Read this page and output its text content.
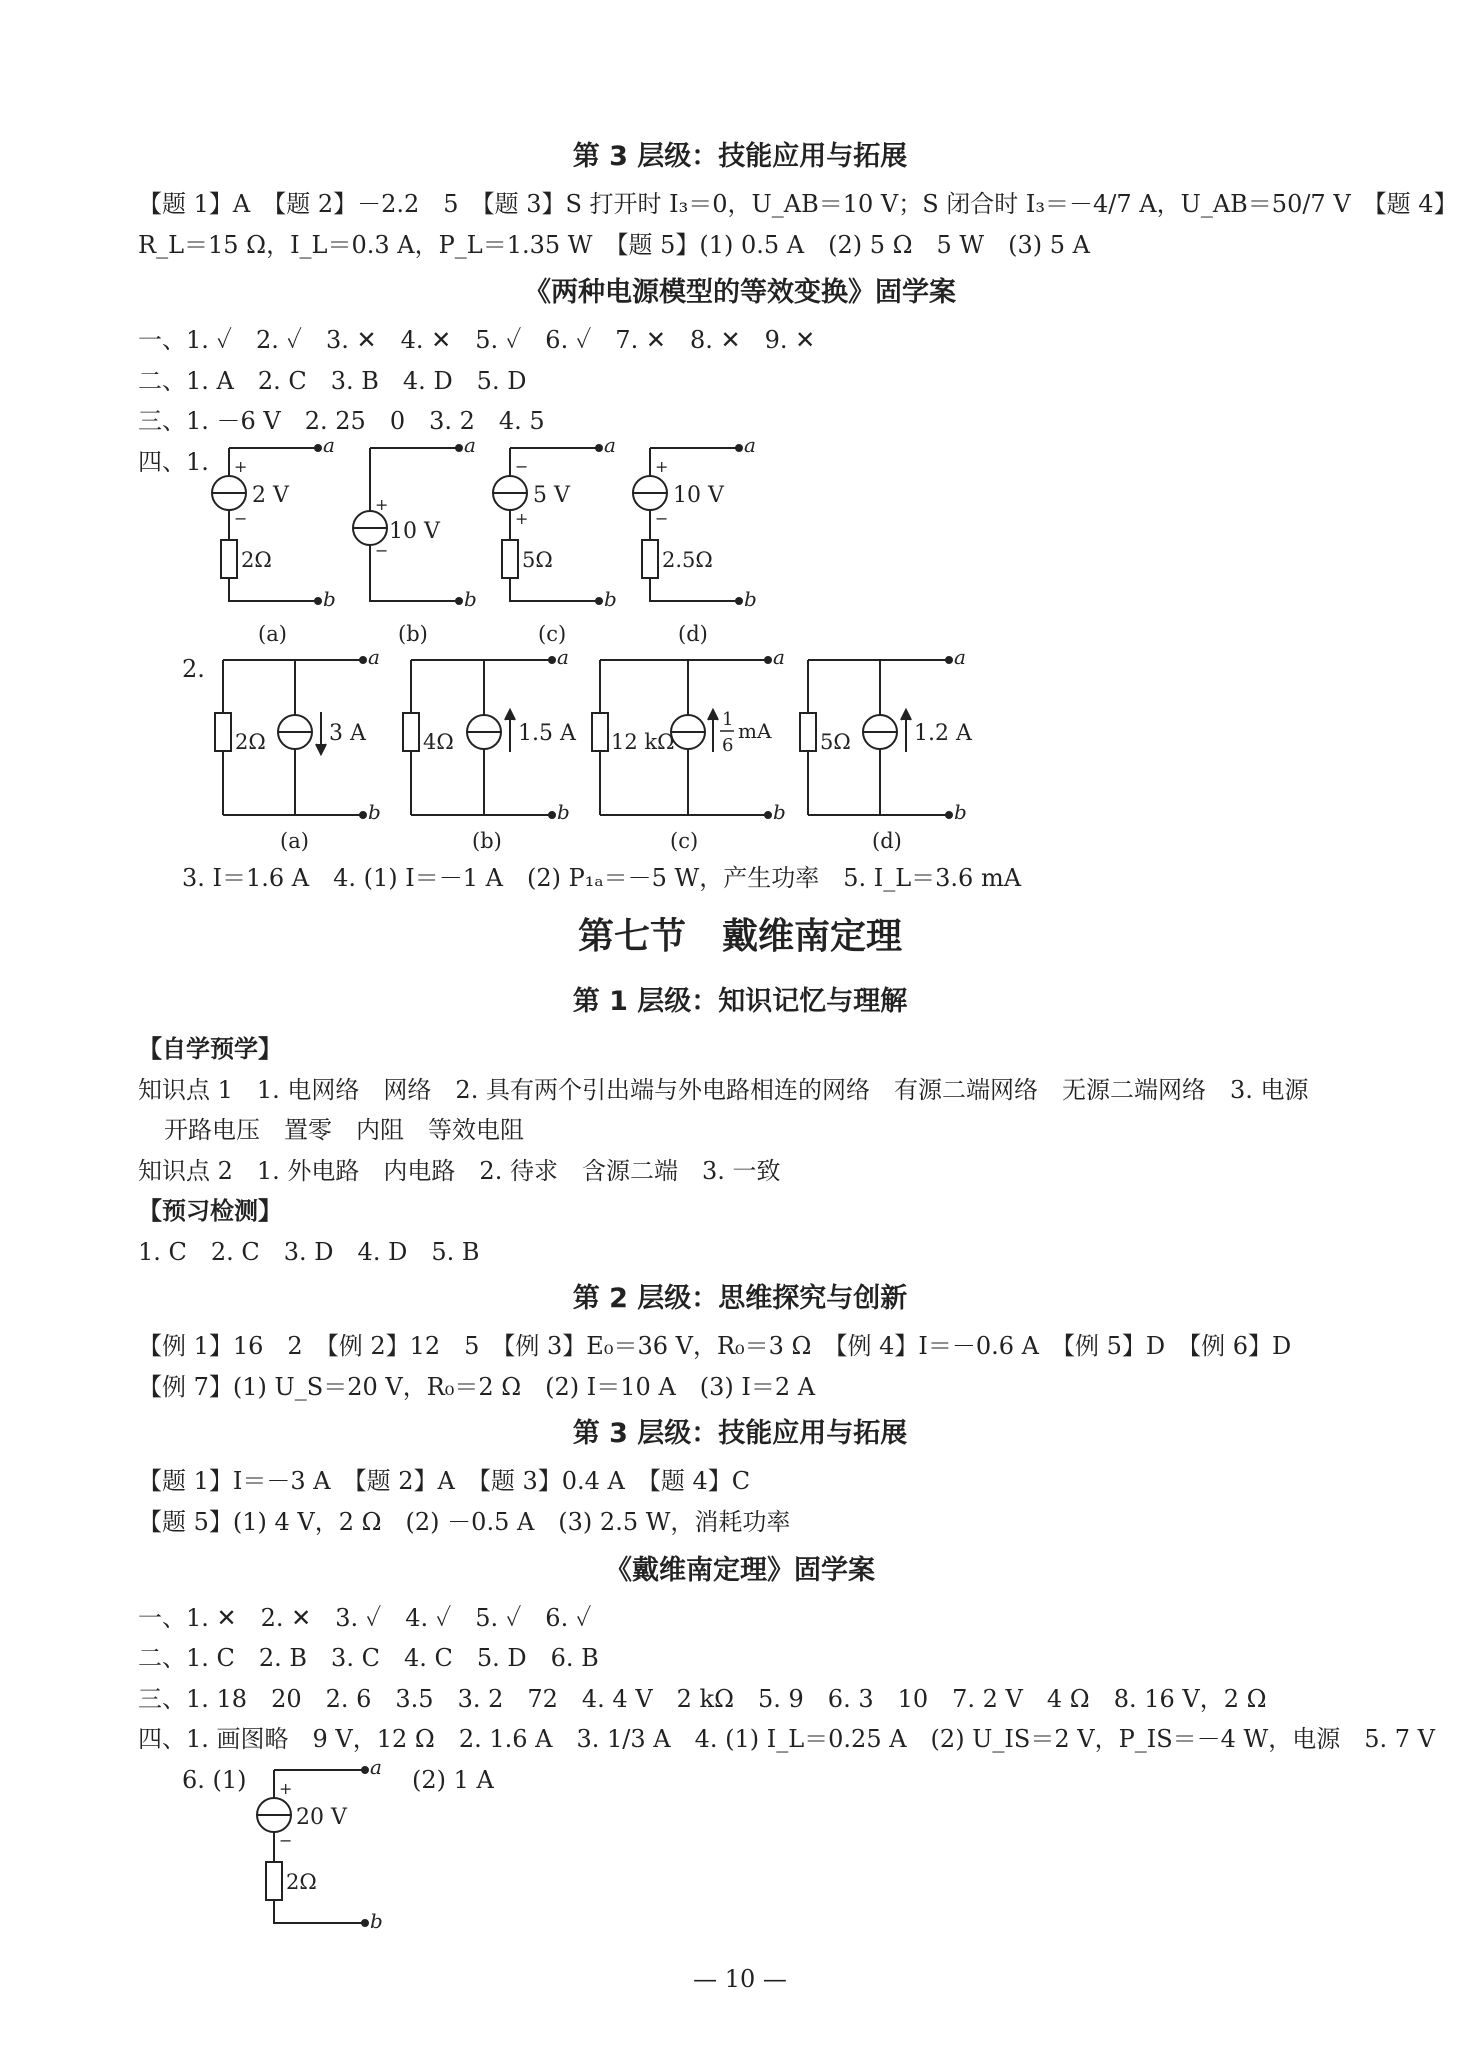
第 3 层级：技能应用与拓展
【题 1】A　【题 2】－2.2　5　【题 3】S 打开时 I₃＝0，U_AB＝10 V；S 闭合时 I₃＝－4/7 A，U_AB＝50/7 V　【题 4】
R_L＝15 Ω，I_L＝0.3 A，P_L＝1.35 W　【题 5】(1) 0.5 A　(2) 5 Ω　5 W　(3) 5 A
《两种电源模型的等效变换》固学案
一、1. ✓　2. ✓　3. ✕　4. ✕　5. ✓　6. ✓　7. ✕　8. ✕　9. ✕
二、1. A　2. C　3. B　4. D　5. D
三、1. －6 V　2. 25　0　3. 2　4. 5
四、1.
2.
+
−
2 V
2Ω
a
b
+
−
10 V
a
b
−
+
5 V
5Ω
a
b
+
−
10 V
2.5Ω
a
b
2Ω	3 A
a
b
4Ω	1.5 A
a
b
12 kΩ
1
6
mA
a
b
5Ω	1.2 A
a
b
+
−
20 V
2Ω
a
b
(a)	(b)	(c)	(d)
(a)	(b)	(c)	(d)
3. I＝1.6 A　4. (1) I＝－1 A　(2) P₁ₐ＝－5 W，产生功率　5. I_L＝3.6 mA
第七节　戴维南定理
第 1 层级：知识记忆与理解
【自学预学】
知识点 1　1. 电网络　网络　2. 具有两个引出端与外电路相连的网络　有源二端网络　无源二端网络　3. 电源
开路电压　置零　内阻　等效电阻
知识点 2　1. 外电路　内电路　2. 待求　含源二端　3. 一致
【预习检测】
1. C　2. C　3. D　4. D　5. B
第 2 层级：思维探究与创新
【例 1】16　2　【例 2】12　5　【例 3】E₀＝36 V，R₀＝3 Ω　【例 4】I＝－0.6 A　【例 5】D　【例 6】D
【例 7】(1) U_S＝20 V，R₀＝2 Ω　(2) I＝10 A　(3) I＝2 A
第 3 层级：技能应用与拓展
【题 1】I＝－3 A　【题 2】A　【题 3】0.4 A　【题 4】C
【题 5】(1) 4 V，2 Ω　(2) －0.5 A　(3) 2.5 W，消耗功率
《戴维南定理》固学案
一、1. ✕　2. ✕　3. ✓　4. ✓　5. ✓　6. ✓
二、1. C　2. B　3. C　4. C　5. D　6. B
三、1. 18　20　2. 6　3.5　3. 2　72　4. 4 V　2 kΩ　5. 9　6. 3　10　7. 2 V　4 Ω　8. 16 V，2 Ω
四、1. 画图略　9 V，12 Ω　2. 1.6 A　3. 1/3 A　4. (1) I_L＝0.25 A　(2) U_IS＝2 V，P_IS＝－4 W，电源　5. 7 V
6. (1)	(2) 1 A
— 10 —
